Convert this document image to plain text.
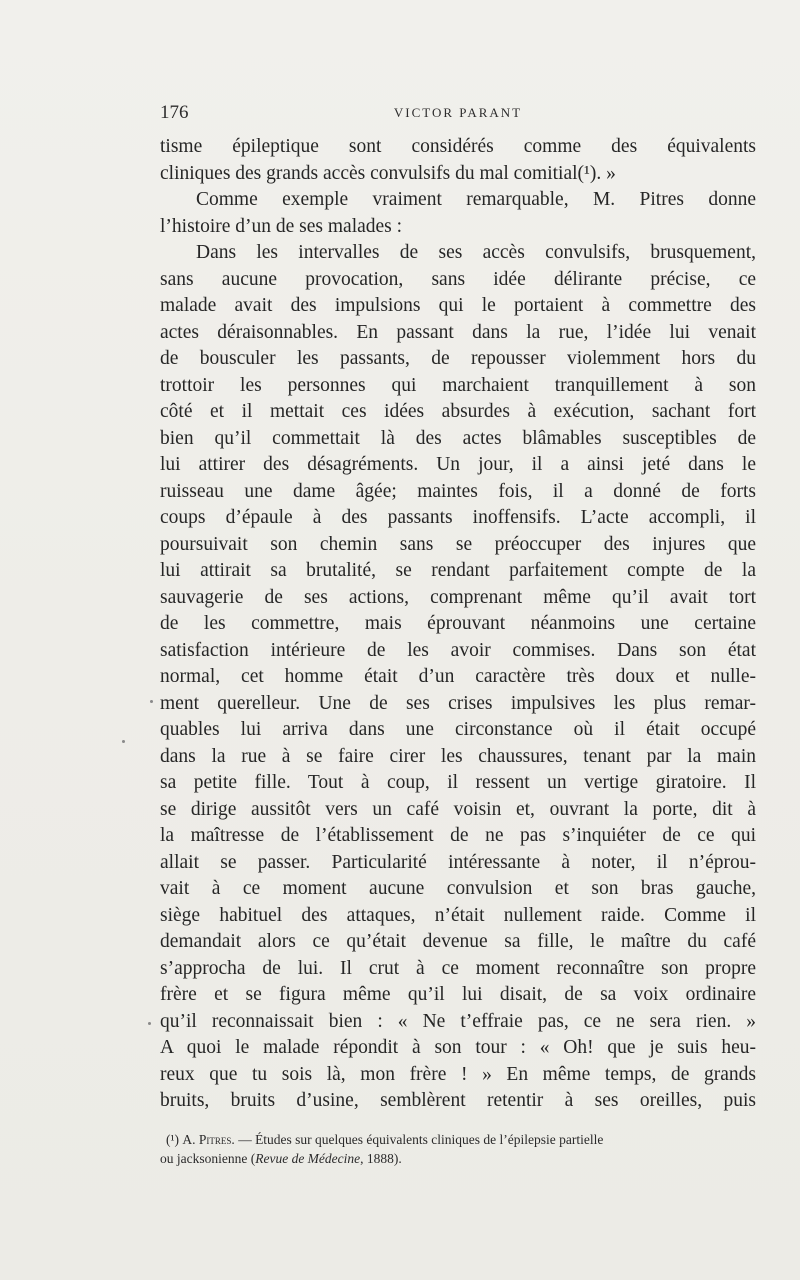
176	VICTOR PARANT
tisme épileptique sont considérés comme des équivalents
cliniques des grands accès convulsifs du mal comitial(¹). »
Comme exemple vraiment remarquable, M. Pitres donne
l’histoire d’un de ses malades :
Dans les intervalles de ses accès convulsifs, brusquement,
sans aucune provocation, sans idée délirante précise, ce
malade avait des impulsions qui le portaient à commettre des
actes déraisonnables. En passant dans la rue, l’idée lui venait
de bousculer les passants, de repousser violemment hors du
trottoir les personnes qui marchaient tranquillement à son
côté et il mettait ces idées absurdes à exécution, sachant fort
bien qu’il commettait là des actes blâmables susceptibles de
lui attirer des désagréments. Un jour, il a ainsi jeté dans le
ruisseau une dame âgée; maintes fois, il a donné de forts
coups d’épaule à des passants inoffensifs. L’acte accompli, il
poursuivait son chemin sans se préoccuper des injures que
lui attirait sa brutalité, se rendant parfaitement compte de la
sauvagerie de ses actions, comprenant même qu’il avait tort
de les commettre, mais éprouvant néanmoins une certaine
satisfaction intérieure de les avoir commises. Dans son état
normal, cet homme était d’un caractère très doux et nulle-
ment querelleur. Une de ses crises impulsives les plus remar-
quables lui arriva dans une circonstance où il était occupé
dans la rue à se faire cirer les chaussures, tenant par la main
sa petite fille. Tout à coup, il ressent un vertige giratoire. Il
se dirige aussitôt vers un café voisin et, ouvrant la porte, dit à
la maîtresse de l’établissement de ne pas s’inquiéter de ce qui
allait se passer. Particularité intéressante à noter, il n’éprou-
vait à ce moment aucune convulsion et son bras gauche,
siège habituel des attaques, n’était nullement raide. Comme il
demandait alors ce qu’était devenue sa fille, le maître du café
s’approcha de lui. Il crut à ce moment reconnaître son propre
frère et se figura même qu’il lui disait, de sa voix ordinaire
qu’il reconnaissait bien : « Ne t’effraie pas, ce ne sera rien. »
A quoi le malade répondit à son tour : « Oh! que je suis heu-
reux que tu sois là, mon frère ! » En même temps, de grands
bruits, bruits d’usine, semblèrent retentir à ses oreilles, puis
(¹) A. Pitres. — Études sur quelques équivalents cliniques de l’épilepsie partielle
ou jacksonienne (Revue de Médecine, 1888).
